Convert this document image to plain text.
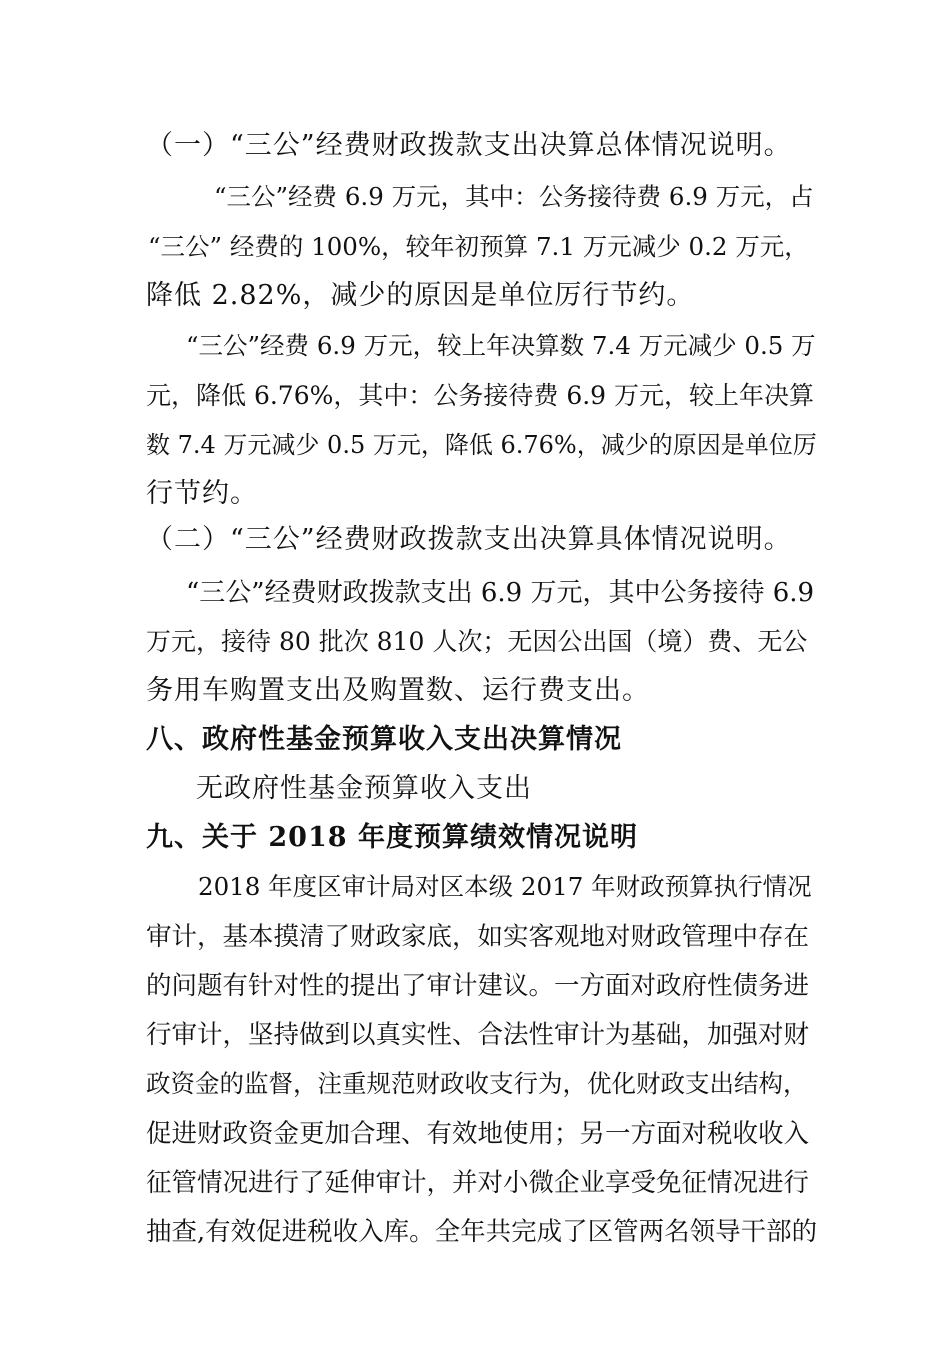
（一）“三公”经费财政拨款支出决算总体情况说明。
“三公”经费 6.9 万元，其中：公务接待费 6.9 万元，占
“三公” 经费的 100%，较年初预算 7.1 万元减少 0.2 万元，
降低 2.82%，减少的原因是单位厉行节约。
“三公”经费 6.9 万元，较上年决算数 7.4 万元减少 0.5 万
元，降低 6.76%，其中：公务接待费 6.9 万元，较上年决算
数 7.4 万元减少 0.5 万元，降低 6.76%，减少的原因是单位厉
行节约。
（二）“三公”经费财政拨款支出决算具体情况说明。
“三公”经费财政拨款支出 6.9 万元，其中公务接待 6.9
万元，接待 80 批次 810 人次；无因公出国（境）费、无公
务用车购置支出及购置数、运行费支出。
八、政府性基金预算收入支出决算情况
无政府性基金预算收入支出
九、关于 2018 年度预算绩效情况说明
2018 年度区审计局对区本级 2017 年财政预算执行情况
审计，基本摸清了财政家底，如实客观地对财政管理中存在
的问题有针对性的提出了审计建议。一方面对政府性债务进
行审计，坚持做到以真实性、合法性审计为基础，加强对财
政资金的监督，注重规范财政收支行为，优化财政支出结构，
促进财政资金更加合理、有效地使用；另一方面对税收收入
征管情况进行了延伸审计，并对小微企业享受免征情况进行
抽查,有效促进税收入库。全年共完成了区管两名领导干部的
